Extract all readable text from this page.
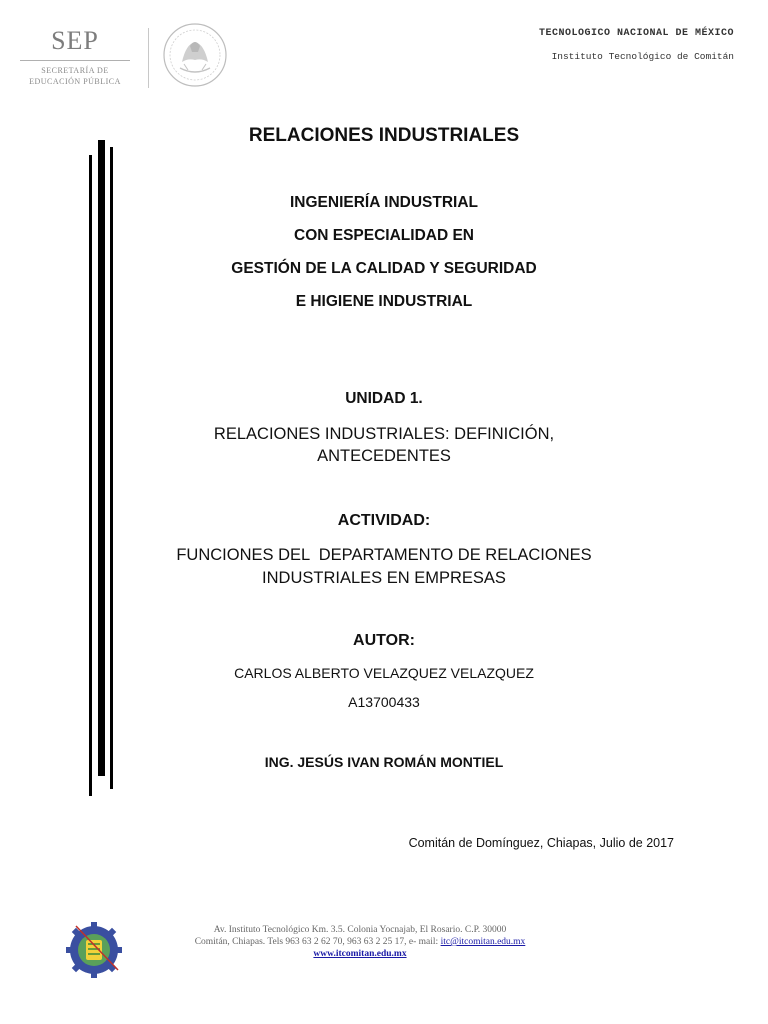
SEP
SECRETARÍA DE
EDUCACIÓN PÚBLICA
TECNOLOGICO NACIONAL DE MÉXICO
Instituto Tecnológico de Comitán
RELACIONES INDUSTRIALES
INGENIERÍA INDUSTRIAL
CON ESPECIALIDAD EN
GESTIÓN DE LA CALIDAD Y SEGURIDAD
E HIGIENE INDUSTRIAL
UNIDAD 1.
RELACIONES INDUSTRIALES: DEFINICIÓN,
ANTECEDENTES
ACTIVIDAD:
FUNCIONES DEL  DEPARTAMENTO DE RELACIONES
INDUSTRIALES EN EMPRESAS
AUTOR:
CARLOS ALBERTO VELAZQUEZ VELAZQUEZ
A13700433
ING. JESÚS IVAN ROMÁN MONTIEL
Comitán de Domínguez, Chiapas, Julio de 2017
Av. Instituto Tecnológico Km. 3.5. Colonia Yocnajab, El Rosario. C.P. 30000
Comitán, Chiapas. Tels 963 63 2 62 70, 963 63 2 25 17, e- mail: itc@itcomitan.edu.mx
www.itcomitan.edu.mx
